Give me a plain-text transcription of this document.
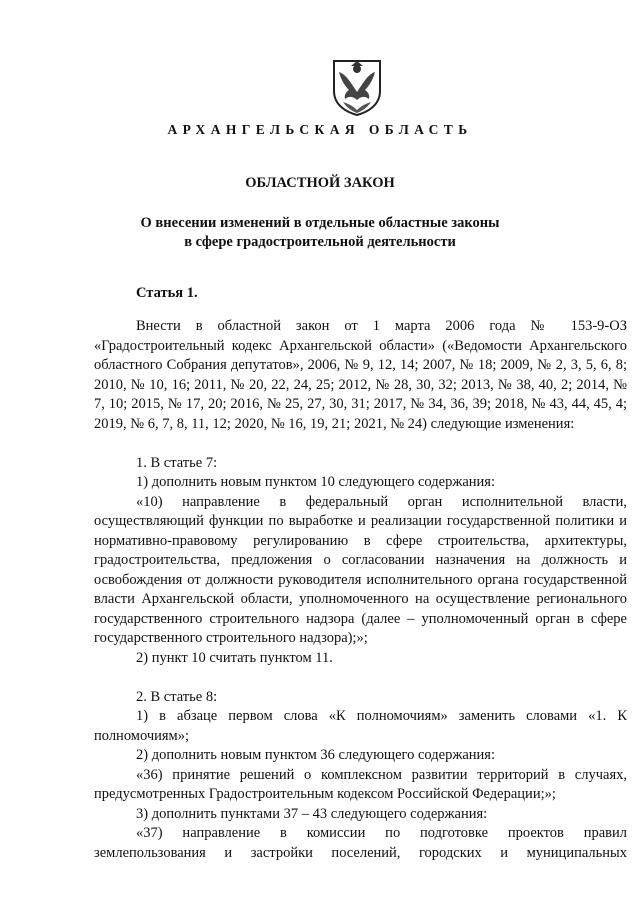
АРХАНГЕЛЬСКАЯ ОБЛАСТЬ
ОБЛАСТНОЙ ЗАКОН
О внесении изменений в отдельные областные законы
в сфере градостроительной деятельности
Статья 1.

Внести в областной закон от 1 марта 2006 года № 153-9-ОЗ «Градостроительный кодекс Архангельской области» («Ведомости Архангельского областного Собрания депутатов», 2006, № 9, 12, 14; 2007, № 18; 2009, № 2, 3, 5, 6, 8; 2010, № 10, 16; 2011, № 20, 22, 24, 25; 2012, № 28, 30, 32; 2013, № 38, 40, 2; 2014, № 7, 10; 2015, № 17, 20; 2016, № 25, 27, 30, 31; 2017, № 34, 36, 39; 2018, № 43, 44, 45, 4; 2019, № 6, 7, 8, 11, 12; 2020, № 16, 19, 21; 2021, № 24) следующие изменения:

1. В статье 7:

1) дополнить новым пунктом 10 следующего содержания:

«10) направление в федеральный орган исполнительной власти, осуществляющий функции по выработке и реализации государственной политики и нормативно-правовому регулированию в сфере строительства, архитектуры, градостроительства, предложения о согласовании назначения на должность и освобождения от должности руководителя исполнительного органа государственной власти Архангельской области, уполномоченного на осуществление регионального государственного строительного надзора (далее – уполномоченный орган в сфере государственного строительного надзора);»;

2) пункт 10 считать пунктом 11.

2. В статье 8:

1) в абзаце первом слова «К полномочиям» заменить словами «1. К полномочиям»;

2) дополнить новым пунктом 36 следующего содержания:

«36) принятие решений о комплексном развитии территорий в случаях, предусмотренных Градостроительным кодексом Российской Федерации;»;

3) дополнить пунктами 37 – 43 следующего содержания:

«37) направление в комиссии по подготовке проектов правил землепользования и застройки поселений, городских и муниципальных
